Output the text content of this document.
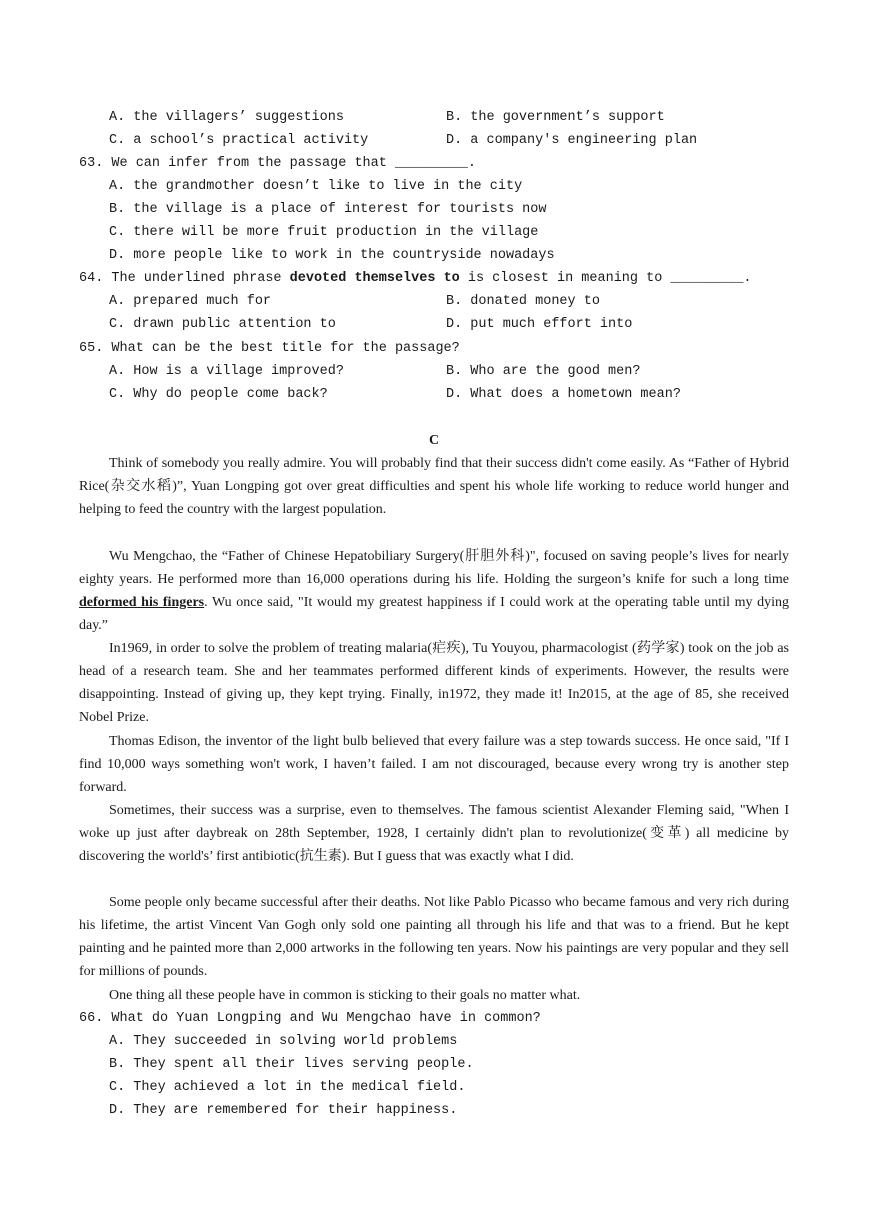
A. the villagers’ suggestions	B. the government’s support
C. a school’s practical activity	D. a company's engineering plan
63. We can infer from the passage that _________.
A. the grandmother doesn’t like to live in the city
B. the village is a place of interest for tourists now
C. there will be more fruit production in the village
D. more people like to work in the countryside nowadays
64. The underlined phrase devoted themselves to is closest in meaning to _________.
A. prepared much for	B. donated money to
C. drawn public attention to	D. put much effort into
65. What can be the best title for the passage?
A. How is a village improved?	B. Who are the good men?
C. Why do people come back?	D. What does a hometown mean?
C

Think of somebody you really admire. You will probably find that their success didn't come easily. As “Father of Hybrid Rice(杂交水稻)”, Yuan Longping got over great difficulties and spent his whole life working to reduce world hunger and helping to feed the country with the largest population.

Wu Mengchao, the “Father of Chinese Hepatobiliary Surgery(肝胆外科)", focused on saving people’s lives for nearly eighty years. He performed more than 16,000 operations during his life. Holding the surgeon’s knife for such a long time deformed his fingers. Wu once said, "It would my greatest happiness if I could work at the operating table until my dying day.”

In1969, in order to solve the problem of treating malaria(疟疾), Tu Youyou, pharmacologist (药学家) took on the job as head of a research team. She and her teammates performed different kinds of experiments. However, the results were disappointing. Instead of giving up, they kept trying. Finally, in1972, they made it! In2015, at the age of 85, she received Nobel Prize.

Thomas Edison, the inventor of the light bulb believed that every failure was a step towards success. He once said, "If I find 10,000 ways something won't work, I haven’t failed. I am not discouraged, because every wrong try is another step forward.

Sometimes, their success was a surprise, even to themselves. The famous scientist Alexander Fleming said, "When I woke up just after daybreak on 28th September, 1928, I certainly didn't plan to revolutionize(变革) all medicine by discovering the world's’ first antibiotic(抗生素). But I guess that was exactly what I did.

Some people only became successful after their deaths. Not like Pablo Picasso who became famous and very rich during his lifetime, the artist Vincent Van Gogh only sold one painting all through his life and that was to a friend. But he kept painting and he painted more than 2,000 artworks in the following ten years. Now his paintings are very popular and they sell for millions of pounds.

One thing all these people have in common is sticking to their goals no matter what.

66. What do Yuan Longping and Wu Mengchao have in common?
A. They succeeded in solving world problems
B. They spent all their lives serving people.
C. They achieved a lot in the medical field.
D. They are remembered for their happiness.
